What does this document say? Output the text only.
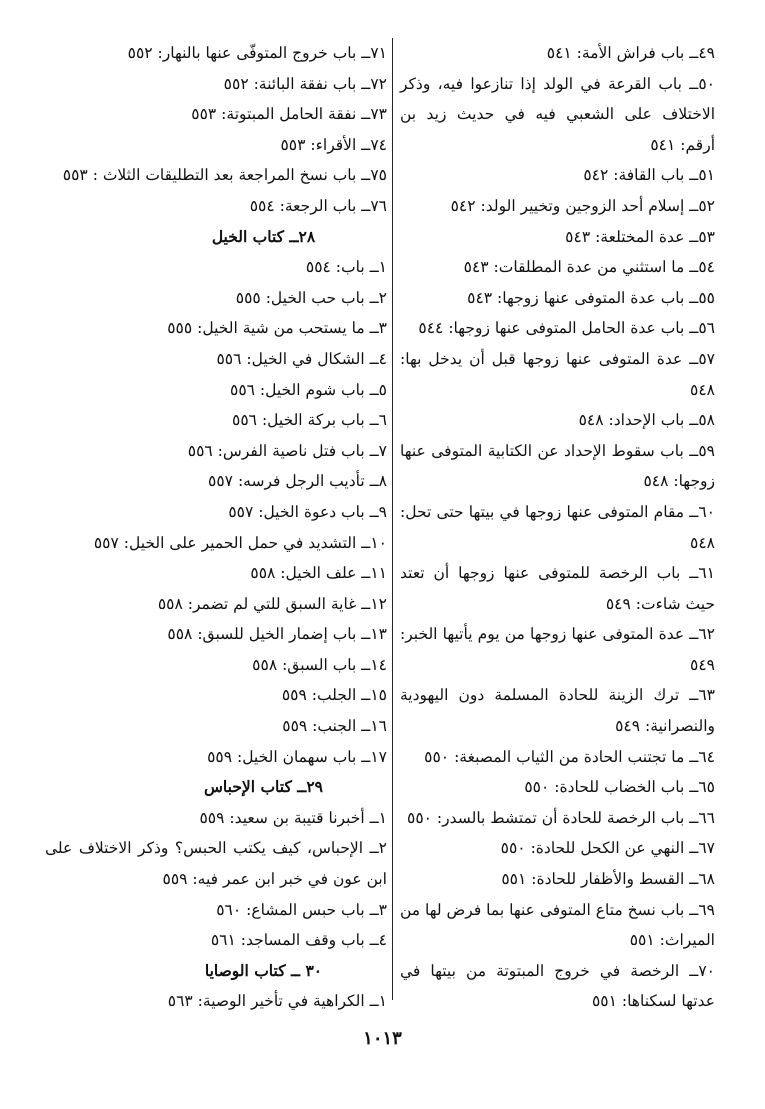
٤٩ــ باب فراش الأمة: ٥٤١
٥٠ــ باب القرعة في الولد إذا تنازعوا فيه، وذكر الاختلاف على الشعبي فيه في حديث زيد بن أرقم: ٥٤١
٥١ــ باب القافة: ٥٤٢
٥٢ــ إسلام أحد الزوجين وتخيير الولد: ٥٤٢
٥٣ــ عدة المختلعة: ٥٤٣
٥٤ــ ما استثني من عدة المطلقات: ٥٤٣
٥٥ــ باب عدة المتوفى عنها زوجها: ٥٤٣
٥٦ــ باب عدة الحامل المتوفى عنها زوجها: ٥٤٤
٥٧ــ عدة المتوفى عنها زوجها قبل أن يدخل بها: ٥٤٨
٥٨ــ باب الإحداد: ٥٤٨
٥٩ــ باب سقوط الإحداد عن الكتابية المتوفى عنها زوجها: ٥٤٨
٦٠ــ مقام المتوفى عنها زوجها في بيتها حتى تحل: ٥٤٨
٦١ــ باب الرخصة للمتوفى عنها زوجها أن تعتد حيث شاءت: ٥٤٩
٦٢ــ عدة المتوفى عنها زوجها من يوم يأتيها الخبر: ٥٤٩
٦٣ــ ترك الزينة للحادة المسلمة دون اليهودية والنصرانية: ٥٤٩
٦٤ــ ما تجتنب الحادة من الثياب المصبغة: ٥٥٠
٦٥ــ باب الخضاب للحادة: ٥٥٠
٦٦ــ باب الرخصة للحادة أن تمتشط بالسدر: ٥٥٠
٦٧ــ النهي عن الكحل للحادة: ٥٥٠
٦٨ــ القسط والأظفار للحادة: ٥٥١
٦٩ــ باب نسخ متاع المتوفى عنها بما فرض لها من الميراث: ٥٥١
٧٠ــ الرخصة في خروج المبتوتة من بيتها في عدتها لسكناها: ٥٥١
٧١ــ باب خروج المتوفّى عنها بالنهار: ٥٥٢
٧٢ــ باب نفقة البائنة: ٥٥٢
٧٣ــ نفقة الحامل المبتوتة: ٥٥٣
٧٤ــ الأقراء: ٥٥٣
٧٥ــ باب نسخ المراجعة بعد التطليقات الثلاث : ٥٥٣
٧٦ــ باب الرجعة: ٥٥٤
٢٨ــ كتاب الخيل
١ــ باب: ٥٥٤
٢ــ باب حب الخيل: ٥٥٥
٣ــ ما يستحب من شية الخيل: ٥٥٥
٤ــ الشكال في الخيل: ٥٥٦
٥ــ باب شوم الخيل: ٥٥٦
٦ــ باب بركة الخيل: ٥٥٦
٧ــ باب فتل ناصية الفرس: ٥٥٦
٨ــ تأديب الرجل فرسه: ٥٥٧
٩ــ باب دعوة الخيل: ٥٥٧
١٠ــ التشديد في حمل الحمير على الخيل: ٥٥٧
١١ــ علف الخيل: ٥٥٨
١٢ــ غاية السبق للتي لم تضمر: ٥٥٨
١٣ــ باب إضمار الخيل للسبق: ٥٥٨
١٤ــ باب السبق: ٥٥٨
١٥ــ الجلب: ٥٥٩
١٦ــ الجنب: ٥٥٩
١٧ــ باب سهمان الخيل: ٥٥٩
٢٩ــ كتاب الإحباس
١ــ أخبرنا قتيبة بن سعيد: ٥٥٩
٢ــ الإحباس، كيف يكتب الحبس؟ وذكر الاختلاف على ابن عون في خبر ابن عمر فيه: ٥٥٩
٣ــ باب حبس المشاع: ٥٦٠
٤ــ باب وقف المساجد: ٥٦١
٣٠ ــ كتاب الوصايا
١ــ الكراهية في تأخير الوصية: ٥٦٣
١٠١٣
